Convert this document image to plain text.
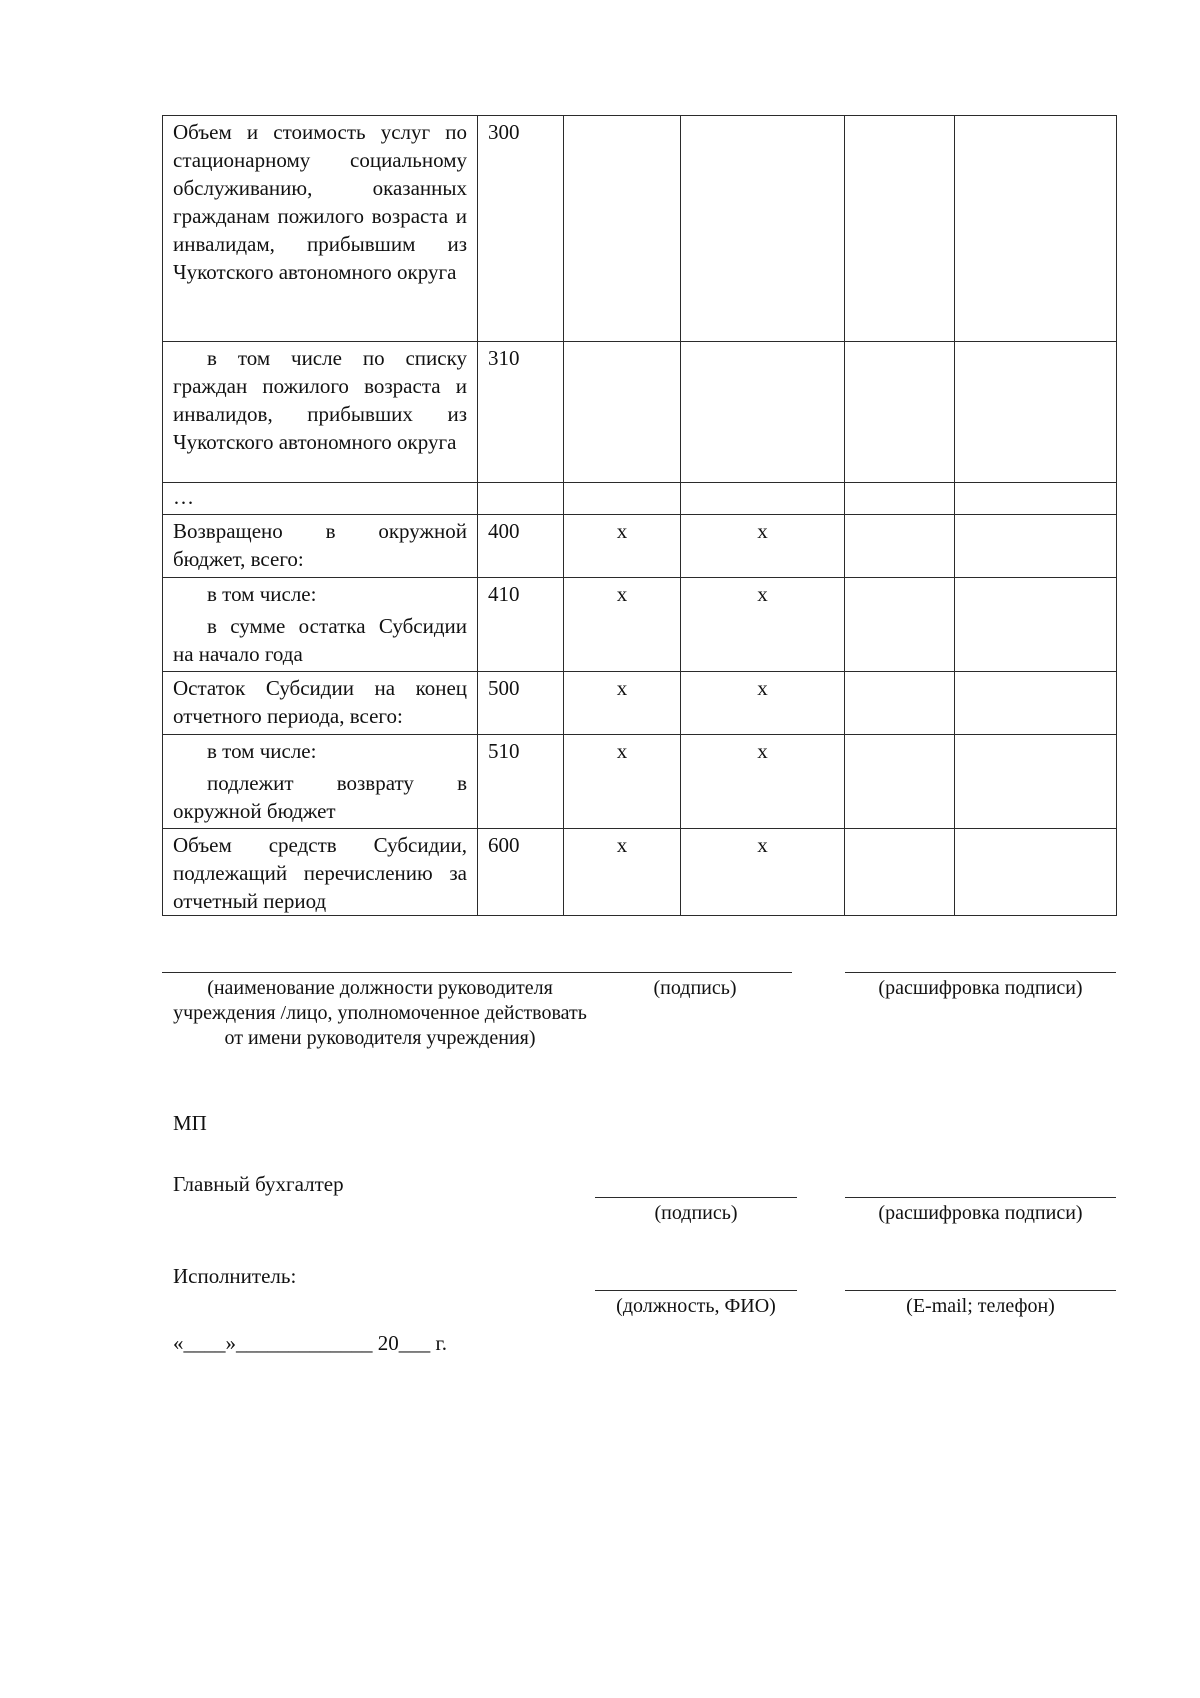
Объем и стоимость услуг по стационарному социальному обслуживанию, оказанных гражданам пожилого возраста и инвалидам, прибывшим из Чукотского автономного округа	300				
в том числе по списку граждан пожилого возраста и инвалидов, прибывших из Чукотского автономного округа	310				
…					
Возвращено в окружной бюджет, всего:	400	x	x		

в том числе:
в сумме остатка Субсидии на начало года	410	x	x		
Остаток Субсидии на конец отчетного периода, всего:	500	x	x		

в том числе:
подлежит возврату в окружной бюджет	510	x	x		
Объем средств Субсидии, подлежащий перечислению за отчетный период	600	x	x		
(наименование должности руководителя учреждения /лицо, уполномоченное действовать от имени руководителя учреждения)
(подпись)	(расшифровка подписи)
МП
Главный бухгалтер
(подпись)	(расшифровка подписи)
Исполнитель:
(должность, ФИО)	(E-mail; телефон)
«____»_____________ 20___ г.
